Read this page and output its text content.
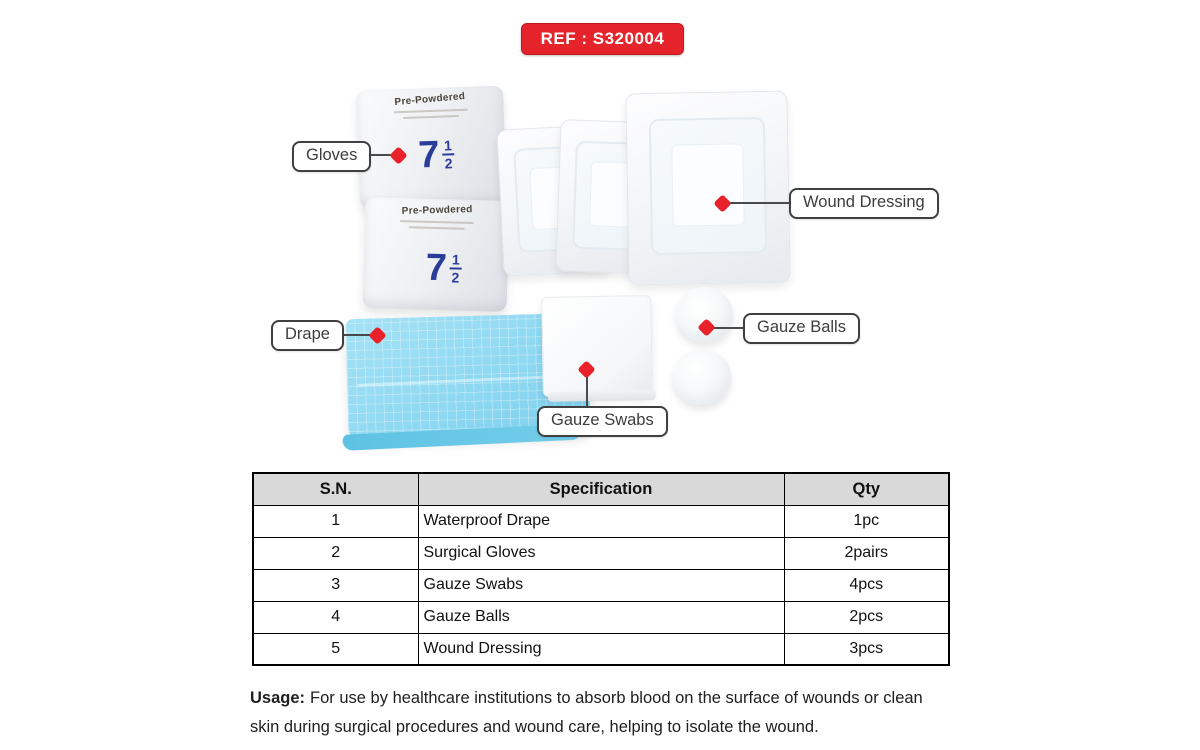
REF : S320004
Pre-Powdered
$7 \frac{1}{2}$
Pre-Powdered
$7 \frac{1}{2}$
Gloves
Wound Dressing
Drape	Gauze Balls
Gauze Swabs
S.N.	Specification	Qty
1	Waterproof Drape	1pc
2	Surgical Gloves	2pairs
3	Gauze Swabs	4pcs
4	Gauze Balls	2pcs
5	Wound Dressing	3pcs

Usage: For use by healthcare institutions to absorb blood on the surface of wounds or clean skin during surgical procedures and wound care, helping to isolate the wound.
